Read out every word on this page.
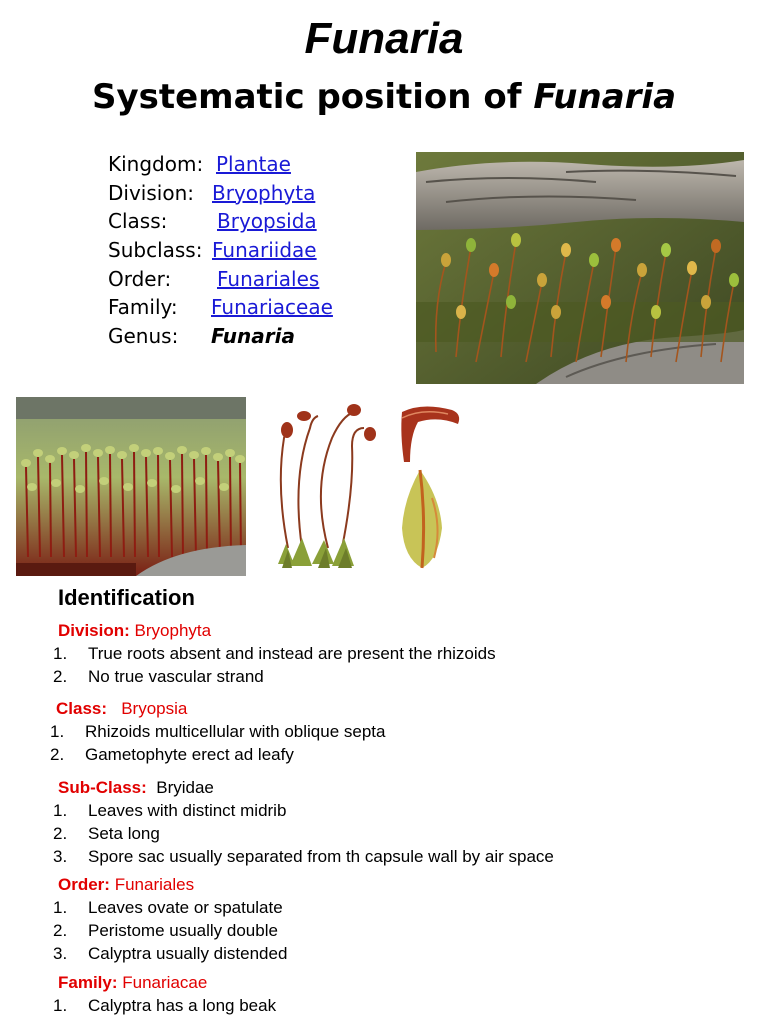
Funaria
Systematic position of Funaria
Kingdom: Plantae
Division: Bryophyta
Class: Bryopsida
Subclass: Funariidae
Order: Funariales
Family: Funariaceae
Genus: Funaria
Identification
Division: Bryophyta
1. True roots absent and instead are present the rhizoids
2. No true vascular strand
Class: Bryopsia
1. Rhizoids multicellular with oblique septa
2. Gametophyte erect ad leafy
Sub-Class: Bryidae
1. Leaves with distinct midrib
2. Seta long
3. Spore sac usually separated from th capsule wall by air space
Order: Funariales
1. Leaves ovate or spatulate
2. Peristome usually double
3. Calyptra usually distended
Family: Funariacae
1. Calyptra has a long beak
